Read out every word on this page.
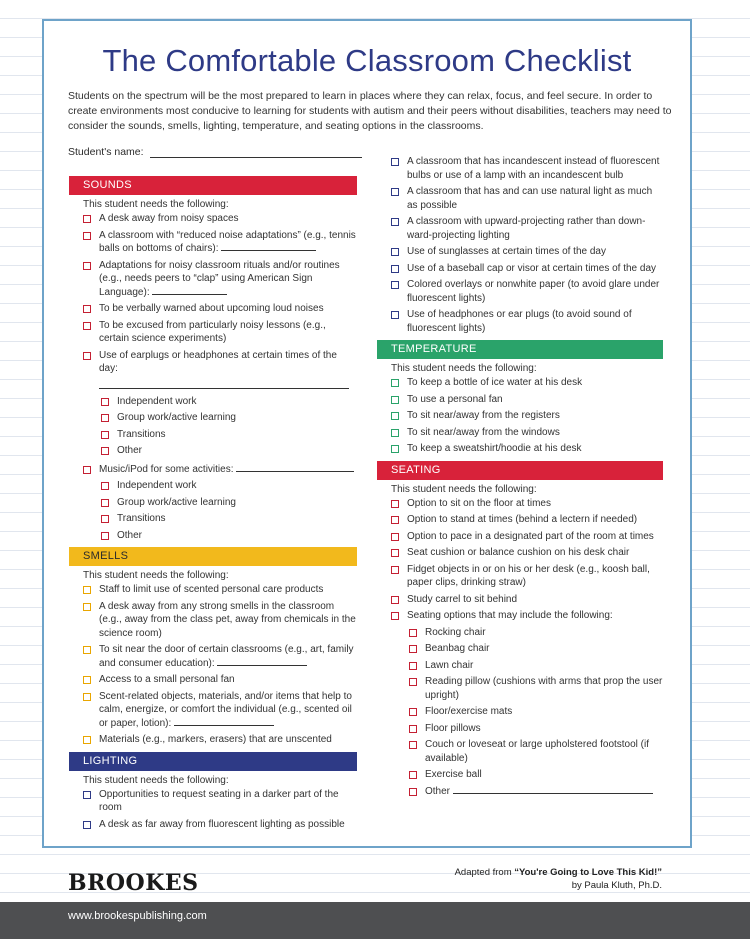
The Comfortable Classroom Checklist
Students on the spectrum will be the most prepared to learn in places where they can relax, focus, and feel secure. In order to create environments most conducive to learning for students with autism and their peers without disabilities, teachers may need to consider the sounds, smells, lighting, temperature, and seating options in the classrooms.
Student's name:
SOUNDS
This student needs the following:
A desk away from noisy spaces
A classroom with “reduced noise adaptations” (e.g., tennis balls on bottoms of chairs):
Adaptations for noisy classroom rituals and/or routines (e.g., needs peers to “clap” using American Sign Language):
To be verbally warned about upcoming loud noises
To be excused from particularly noisy lessons (e.g., certain science experiments)
Use of earplugs or headphones at certain times of the day:
Independent work
Group work/active learning
Transitions
Other
Music/iPod for some activities:
Independent work
Group work/active learning
Transitions
Other
SMELLS
This student needs the following:
Staff to limit use of scented personal care products
A desk away from any strong smells in the classroom (e.g., away from the class pet, away from chemicals in the science room)
To sit near the door of certain classrooms (e.g., art, family and consumer education):
Access to a small personal fan
Scent-related objects, materials, and/or items that help to calm, energize, or comfort the individual (e.g., scented oil or paper, lotion):
Materials (e.g., markers, erasers) that are unscented
LIGHTING
This student needs the following:
Opportunities to request seating in a darker part of the room
A desk as far away from fluorescent lighting as possible
A classroom that has incandescent instead of fluorescent bulbs or use of a lamp with an incandescent bulb
A classroom that has and can use natural light as much as possible
A classroom with upward-projecting rather than down-ward-projecting lighting
Use of sunglasses at certain times of the day
Use of a baseball cap or visor at certain times of the day
Colored overlays or nonwhite paper (to avoid glare under fluorescent lights)
Use of headphones or ear plugs (to avoid sound of fluorescent lights)
TEMPERATURE
This student needs the following:
To keep a bottle of ice water at his desk
To use a personal fan
To sit near/away from the registers
To sit near/away from the windows
To keep a sweatshirt/hoodie at his desk
SEATING
This student needs the following:
Option to sit on the floor at times
Option to stand at times (behind a lectern if needed)
Option to pace in a designated part of the room at times
Seat cushion or balance cushion on his desk chair
Fidget objects in or on his or her desk (e.g., koosh ball, paper clips, drinking straw)
Study carrel to sit behind
Seating options that may include the following:
Rocking chair
Beanbag chair
Lawn chair
Reading pillow (cushions with arms that prop the user upright)
Floor/exercise mats
Floor pillows
Couch or loveseat or large upholstered footstool (if available)
Exercise ball
Other
BROOKES	Adapted from “You're Going to Love This Kid!”
by Paula Kluth, Ph.D.
www.brookespublishing.com
